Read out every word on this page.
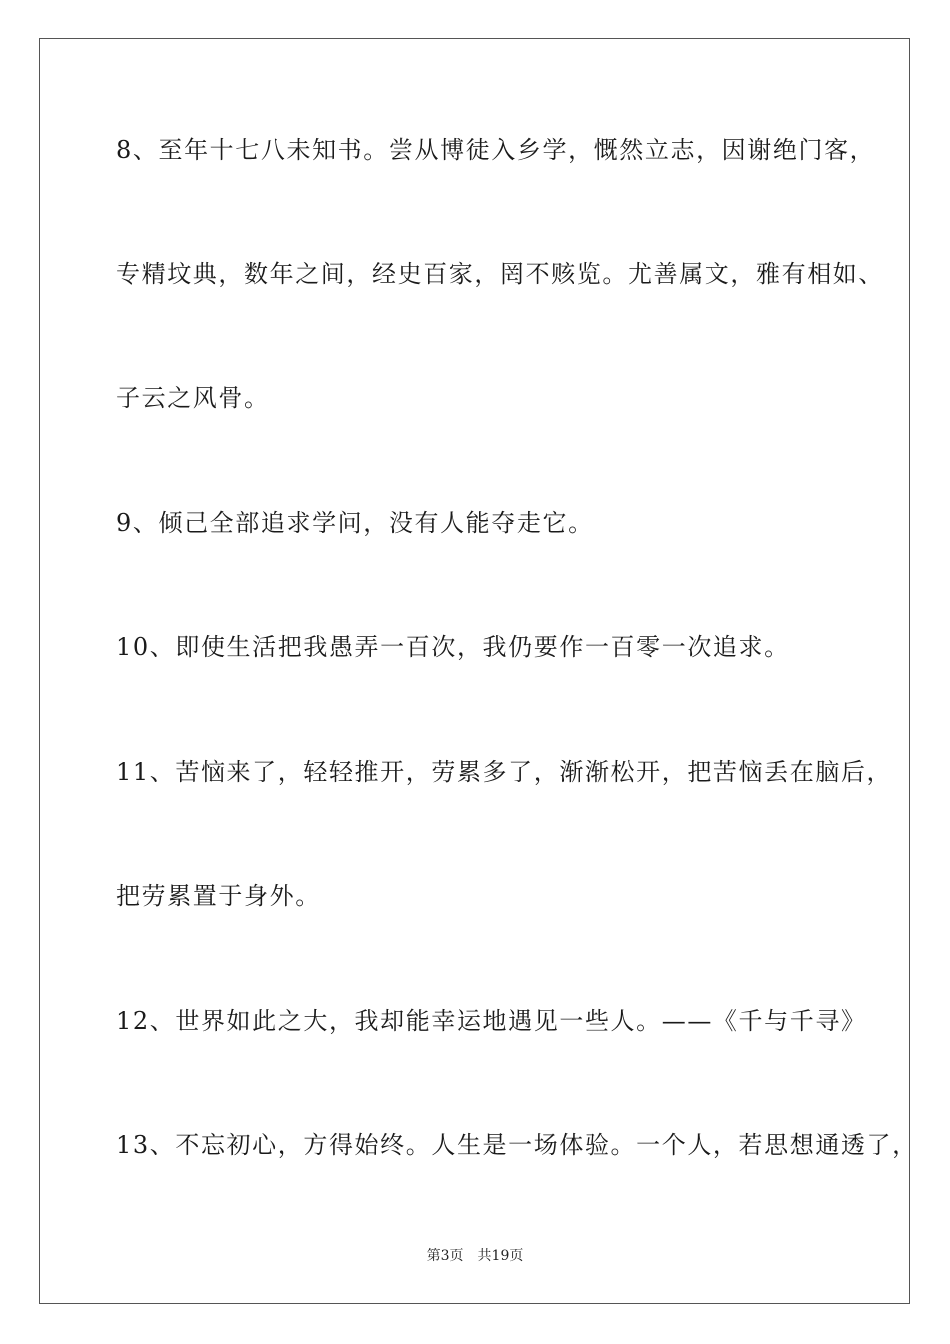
8、至年十七八未知书。尝从博徒入乡学，慨然立志，因谢绝门客，
专精坟典，数年之间，经史百家，罔不赅览。尤善属文，雅有相如、
子云之风骨。
9、倾己全部追求学问，没有人能夺走它。
10、即使生活把我愚弄一百次，我仍要作一百零一次追求。
11、苦恼来了，轻轻推开，劳累多了，渐渐松开，把苦恼丢在脑后，
把劳累置于身外。
12、世界如此之大，我却能幸运地遇见一些人。——《千与千寻》
13、不忘初心，方得始终。人生是一场体验。一个人，若思想通透了，
第3页　共19页
